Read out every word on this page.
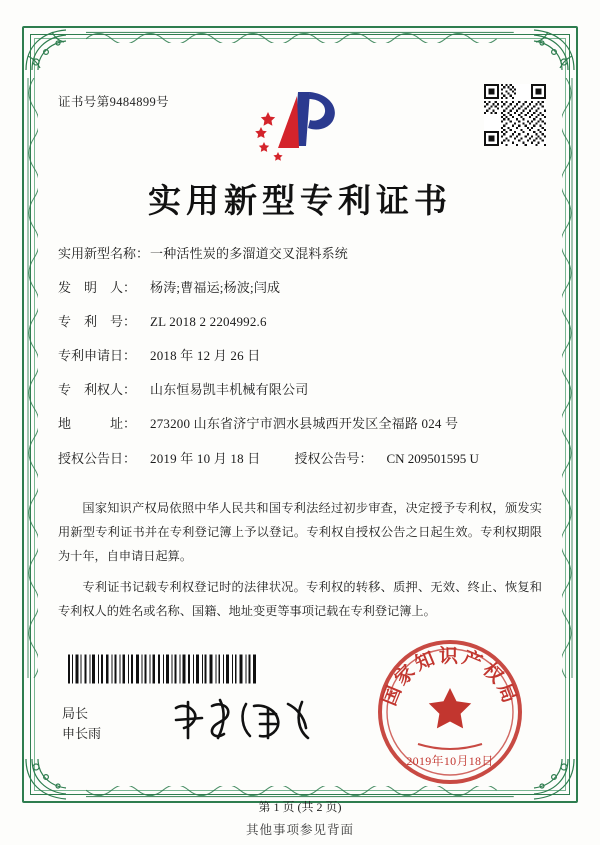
证书号第9484899号
实用新型专利证书
实用新型名称： 一种活性炭的多溜道交叉混料系统
发　明　人：	杨涛;曹福运;杨波;闫成
专　利　号：	ZL 2018 2 2204992.6
专利申请日：	2018 年 12 月 26 日
专　利权人：	山东恒易凯丰机械有限公司
地　　　址：	273200 山东省济宁市泗水县城西开发区全福路 024 号
授权公告日：	2019 年 10 月 18 日	授权公告号：	CN 209501595 U

国家知识产权局依照中华人民共和国专利法经过初步审查，决定授予专利权，颁发实用新型专利证书并在专利登记簿上予以登记。专利权自授权公告之日起生效。专利权期限为十年，自申请日起算。

专利证书记载专利权登记时的法律状况。专利权的转移、质押、无效、终止、恢复和专利权人的姓名或名称、国籍、地址变更等事项记载在专利登记簿上。

局长
申长雨
国家知识产权局
2019年10月18日
第 1 页 (共 2 页)
其他事项参见背面
